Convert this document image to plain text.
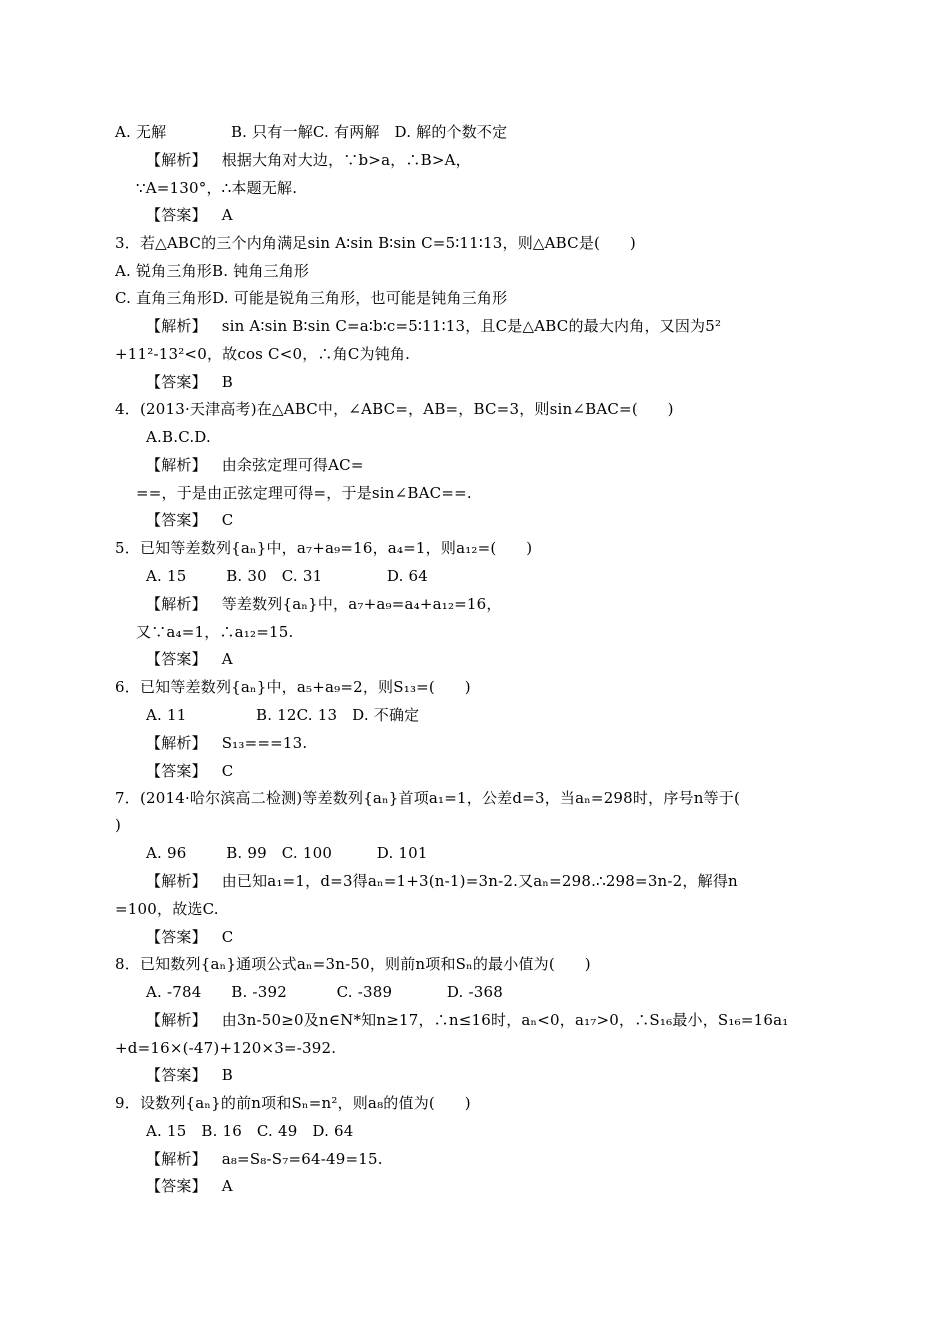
A. 无解             B. 只有一解C. 有两解   D. 解的个数不定
【解析】   根据大角对大边，∵b>a，∴B>A，
∵A=130°，∴本题无解.
【答案】   A
3．若△ABC的三个内角满足sin A∶sin B∶sin C=5∶11∶13，则△ABC是(      )
A. 锐角三角形B. 钝角三角形
C. 直角三角形D. 可能是锐角三角形，也可能是钝角三角形
【解析】   sin A∶sin B∶sin C=a∶b∶c=5∶11∶13，且C是△ABC的最大内角，又因为5²
+11²-13²<0，故cos C<0，∴角C为钝角.
【答案】   B
4．(2013·天津高考)在△ABC中，∠ABC=，AB=，BC=3，则sin∠BAC=(      )
A.B.C.D.
【解析】   由余弦定理可得AC=
==，于是由正弦定理可得=，于是sin∠BAC==.
【答案】   C
5．已知等差数列{aₙ}中，a₇+a₉=16，a₄=1，则a₁₂=(      )
A. 15        B. 30   C. 31             D. 64
【解析】   等差数列{aₙ}中，a₇+a₉=a₄+a₁₂=16，
又∵a₄=1，∴a₁₂=15.
【答案】   A
6．已知等差数列{aₙ}中，a₅+a₉=2，则S₁₃=(      )
A. 11              B. 12C. 13   D. 不确定
【解析】   S₁₃===13.
【答案】   C
7．(2014·哈尔滨高二检测)等差数列{aₙ}首项a₁=1，公差d=3，当aₙ=298时，序号n等于(
)
A. 96        B. 99   C. 100         D. 101
【解析】   由已知a₁=1，d=3得aₙ=1+3(n-1)=3n-2.又aₙ=298.∴298=3n-2，解得n
=100，故选C.
【答案】   C
8．已知数列{aₙ}通项公式aₙ=3n-50，则前n项和Sₙ的最小值为(      )
A. -784      B. -392          C. -389           D. -368
【解析】   由3n-50≥0及n∈N*知n≥17，∴n≤16时，aₙ<0，a₁₇>0，∴S₁₆最小，S₁₆=16a₁
+d=16×(-47)+120×3=-392.
【答案】   B
9．设数列{aₙ}的前n项和Sₙ=n²，则a₈的值为(      )
A. 15   B. 16   C. 49   D. 64
【解析】   a₈=S₈-S₇=64-49=15.
【答案】   A
